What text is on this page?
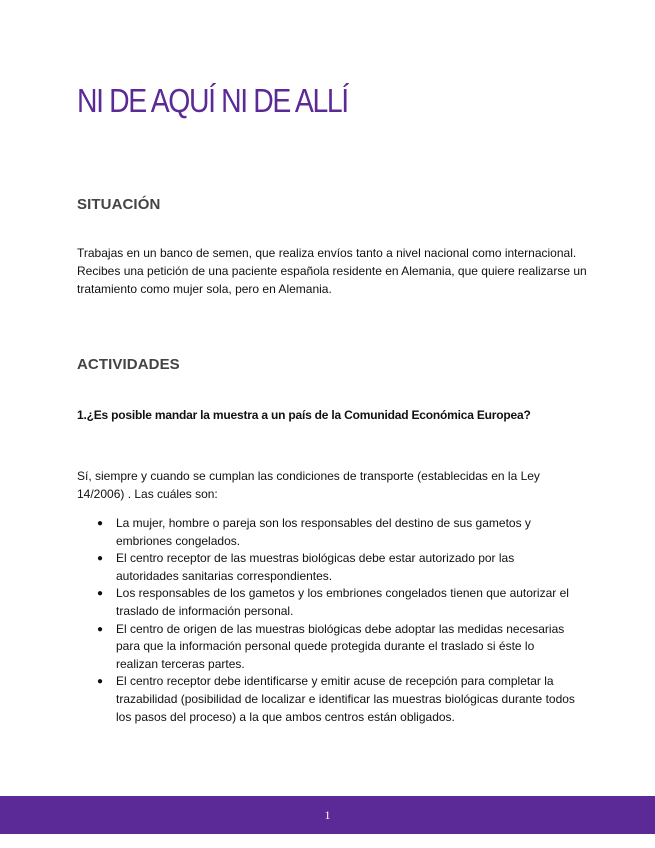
NI DE AQUÍ NI DE ALLÍ
SITUACIÓN

Trabajas en un banco de semen, que realiza envíos tanto a nivel nacional como internacional. Recibes una petición de una paciente española residente en Alemania, que quiere realizarse un tratamiento como mujer sola, pero en Alemania.

ACTIVIDADES

1.¿Es posible mandar la muestra a un país de la Comunidad Económica Europea?

Sí, siempre y cuando se cumplan las condiciones de transporte (establecidas en la Ley 14/2006) . Las cuáles son:

● La mujer, hombre o pareja son los responsables del destino de sus gametos y embriones congelados.
● El centro receptor de las muestras biológicas debe estar autorizado por las autoridades sanitarias correspondientes.
● Los responsables de los gametos y los embriones congelados tienen que autorizar el traslado de información personal.
● El centro de origen de las muestras biológicas debe adoptar las medidas necesarias para que la información personal quede protegida durante el traslado si éste lo realizan terceras partes.
● El centro receptor debe identificarse y emitir acuse de recepción para completar la trazabilidad (posibilidad de localizar e identificar las muestras biológicas durante todos los pasos del proceso) a la que ambos centros están obligados.
1
